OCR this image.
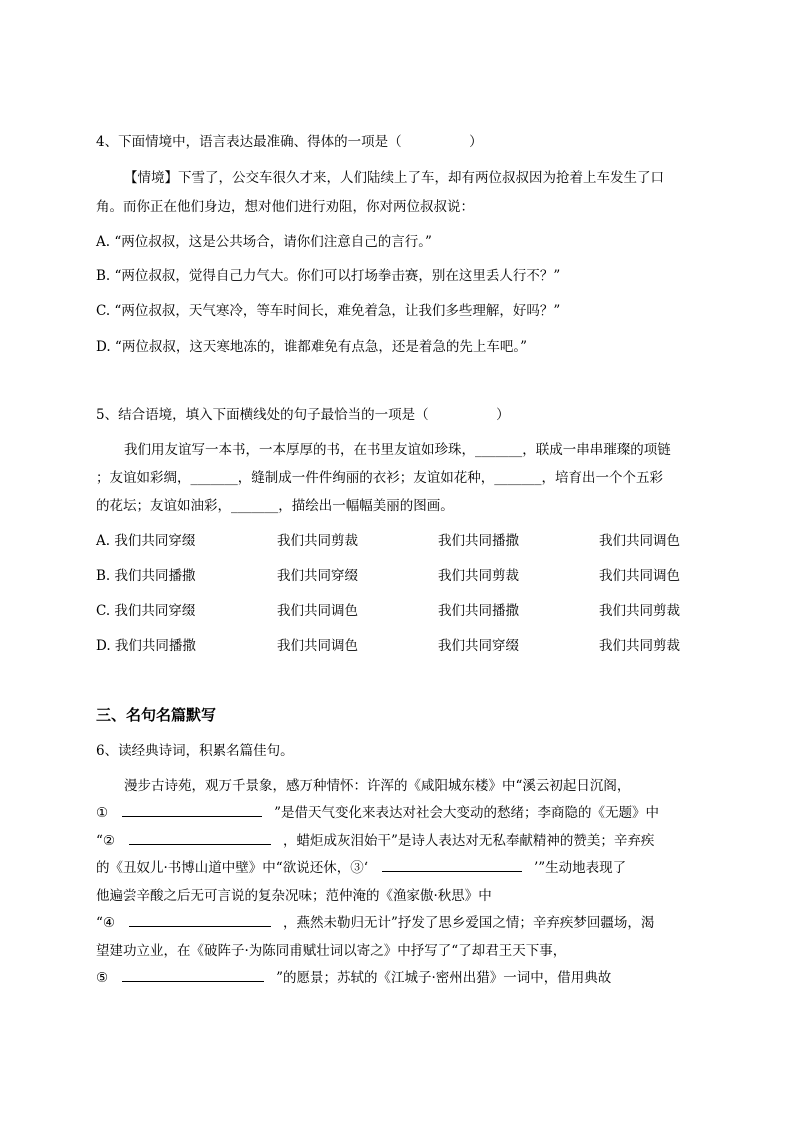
4、下面情境中，语言表达最准确、得体的一项是（　　　　　）
【情境】下雪了，公交车很久才来，人们陆续上了车，却有两位叔叔因为抢着上车发生了口
角。而你正在他们身边，想对他们进行劝阻，你对两位叔叔说：
A. “两位叔叔，这是公共场合，请你们注意自己的言行。”
B. “两位叔叔，觉得自己力气大。你们可以打场拳击赛，别在这里丢人行不？”
C. “两位叔叔，天气寒冷，等车时间长，难免着急，让我们多些理解，好吗？”
D. “两位叔叔，这天寒地冻的，谁都难免有点急，还是着急的先上车吧。”
5、结合语境，填入下面横线处的句子最恰当的一项是（　　　　　）
我们用友谊写一本书，一本厚厚的书，在书里友谊如珍珠，_______，联成一串串璀璨的项链
；友谊如彩绸，_______，缝制成一件件绚丽的衣衫；友谊如花种，_______，培育出一个个五彩
的花坛；友谊如油彩，_______，描绘出一幅幅美丽的图画。
A. 我们共同穿缀	我们共同剪裁	我们共同播撒	我们共同调色
B. 我们共同播撒	我们共同穿缀	我们共同剪裁	我们共同调色
C. 我们共同穿缀	我们共同调色	我们共同播撒	我们共同剪裁
D. 我们共同播撒	我们共同调色	我们共同穿缀	我们共同剪裁
三、名句名篇默写
6、读经典诗词，积累名篇佳句。
漫步古诗苑，观万千景象，感万种情怀：许浑的《咸阳城东楼》中“溪云初起日沉阁，
①	”是借天气变化来表达对社会大变动的愁绪；李商隐的《无题》中
“②	，蜡炬成灰泪始干”是诗人表达对无私奉献精神的赞美；辛弃疾
的《丑奴儿·书博山道中壁》中“欲说还休，③‘	’”生动地表现了
他遍尝辛酸之后无可言说的复杂况味；范仲淹的《渔家傲·秋思》中
“④	，燕然未勒归无计”抒发了思乡爱国之情；辛弃疾梦回疆场，渴
望建功立业，在《破阵子·为陈同甫赋壮词以寄之》中抒写了“了却君王天下事，
⑤	”的愿景；苏轼的《江城子·密州出猎》一词中，借用典故
